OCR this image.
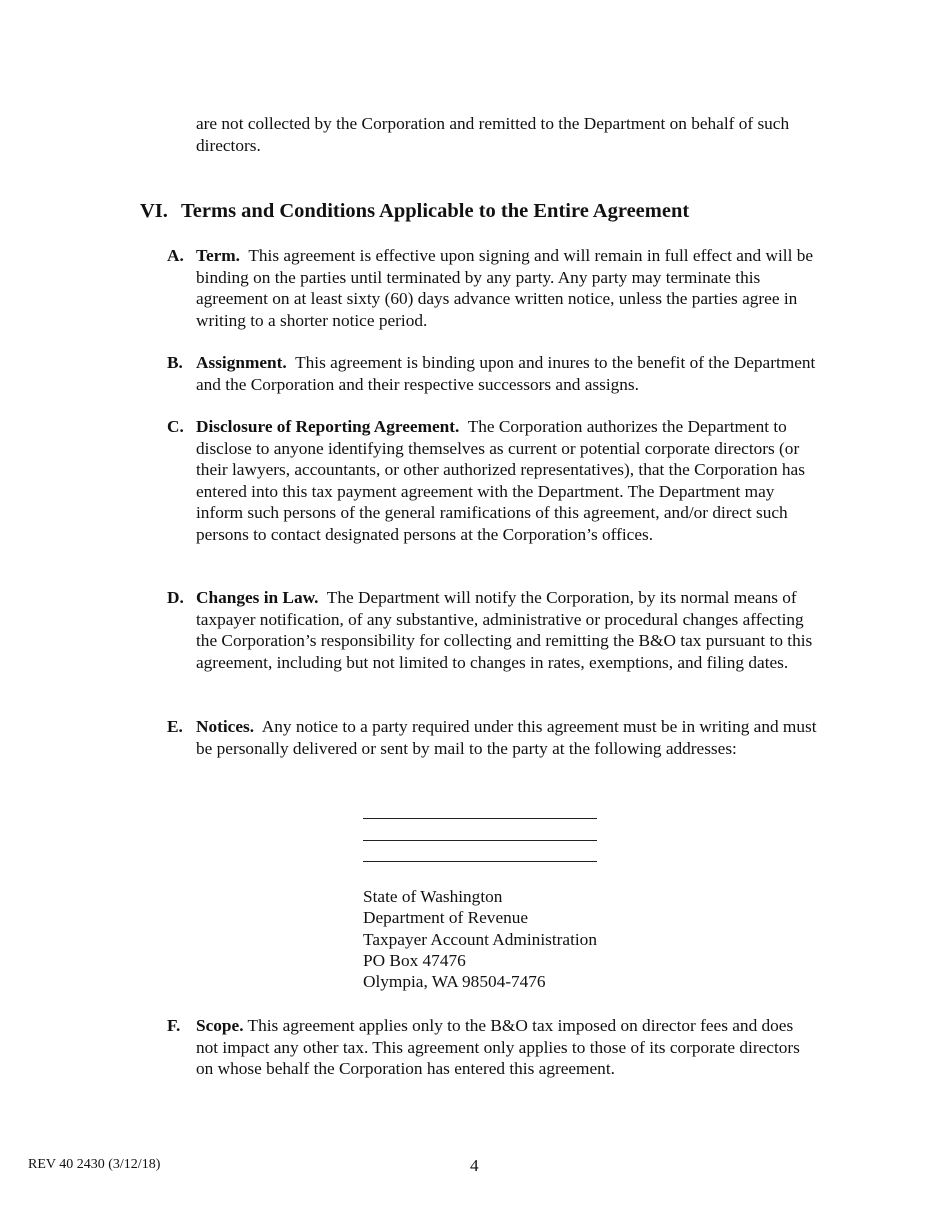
are not collected by the Corporation and remitted to the Department on behalf of such directors.
VI. Terms and Conditions Applicable to the Entire Agreement
A. Term. This agreement is effective upon signing and will remain in full effect and will be binding on the parties until terminated by any party. Any party may terminate this agreement on at least sixty (60) days advance written notice, unless the parties agree in writing to a shorter notice period.
B. Assignment. This agreement is binding upon and inures to the benefit of the Department and the Corporation and their respective successors and assigns.
C. Disclosure of Reporting Agreement. The Corporation authorizes the Department to disclose to anyone identifying themselves as current or potential corporate directors (or their lawyers, accountants, or other authorized representatives), that the Corporation has entered into this tax payment agreement with the Department. The Department may inform such persons of the general ramifications of this agreement, and/or direct such persons to contact designated persons at the Corporation’s offices.
D. Changes in Law. The Department will notify the Corporation, by its normal means of taxpayer notification, of any substantive, administrative or procedural changes affecting the Corporation’s responsibility for collecting and remitting the B&O tax pursuant to this agreement, including but not limited to changes in rates, exemptions, and filing dates.
E. Notices. Any notice to a party required under this agreement must be in writing and must be personally delivered or sent by mail to the party at the following addresses:
State of Washington
Department of Revenue
Taxpayer Account Administration
PO Box 47476
Olympia, WA 98504-7476
F. Scope. This agreement applies only to the B&O tax imposed on director fees and does not impact any other tax. This agreement only applies to those of its corporate directors on whose behalf the Corporation has entered this agreement.
REV 40 2430 (3/12/18)	4
